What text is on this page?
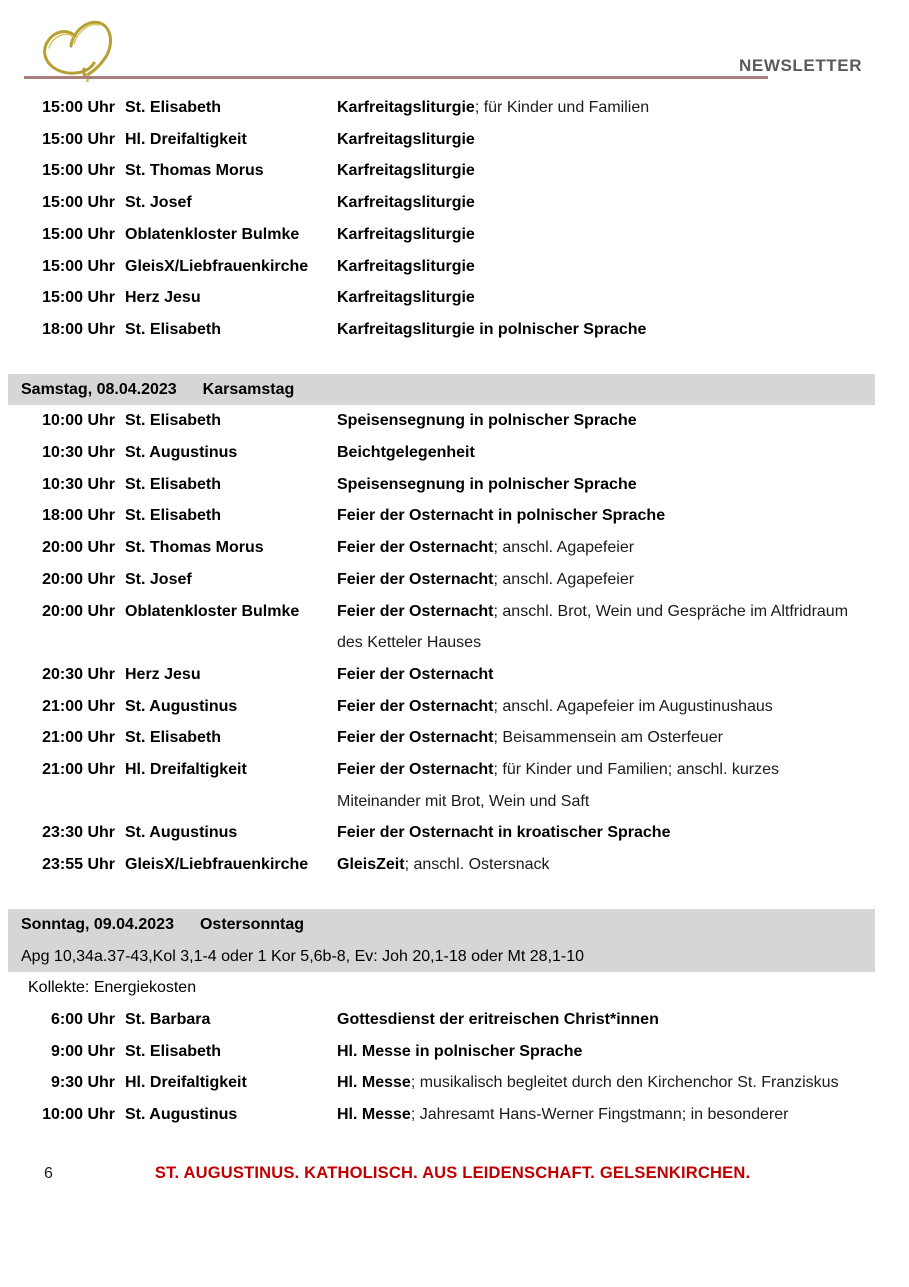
NEWSLETTER
15:00 Uhr St. Elisabeth	Karfreitagsliturgie; für Kinder und Familien
15:00 Uhr Hl. Dreifaltigkeit	Karfreitagsliturgie
15:00 Uhr St. Thomas Morus	Karfreitagsliturgie
15:00 Uhr St. Josef	Karfreitagsliturgie
15:00 Uhr Oblatenkloster Bulmke	Karfreitagsliturgie
15:00 Uhr GleisX/Liebfrauenkirche	Karfreitagsliturgie
15:00 Uhr Herz Jesu	Karfreitagsliturgie
18:00 Uhr St. Elisabeth	Karfreitagsliturgie in polnischer Sprache
Samstag, 08.04.2023 Karsamstag
10:00 Uhr St. Elisabeth	Speisensegnung in polnischer Sprache
10:30 Uhr St. Augustinus	Beichtgelegenheit
10:30 Uhr St. Elisabeth	Speisensegnung in polnischer Sprache
18:00 Uhr St. Elisabeth	Feier der Osternacht in polnischer Sprache
20:00 Uhr St. Thomas Morus	Feier der Osternacht; anschl. Agapefeier
20:00 Uhr St. Josef	Feier der Osternacht; anschl. Agapefeier
20:00 Uhr Oblatenkloster Bulmke	Feier der Osternacht; anschl. Brot, Wein und Gespräche im Altfridraum des Ketteler Hauses
20:30 Uhr Herz Jesu	Feier der Osternacht
21:00 Uhr St. Augustinus	Feier der Osternacht; anschl. Agapefeier im Augustinushaus
21:00 Uhr St. Elisabeth	Feier der Osternacht; Beisammensein am Osterfeuer
21:00 Uhr Hl. Dreifaltigkeit	Feier der Osternacht; für Kinder und Familien; anschl. kurzes Miteinander mit Brot, Wein und Saft
23:30 Uhr St. Augustinus	Feier der Osternacht in kroatischer Sprache
23:55 Uhr GleisX/Liebfrauenkirche	GleisZeit; anschl. Ostersnack
Sonntag, 09.04.2023 Ostersonntag
Apg 10,34a.37-43,Kol 3,1-4 oder 1 Kor 5,6b-8, Ev: Joh 20,1-18 oder Mt 28,1-10
Kollekte: Energiekosten
6:00 Uhr St. Barbara	Gottesdienst der eritreischen Christ*innen
9:00 Uhr St. Elisabeth	Hl. Messe in polnischer Sprache
9:30 Uhr Hl. Dreifaltigkeit	Hl. Messe; musikalisch begleitet durch den Kirchenchor St. Franziskus
10:00 Uhr St. Augustinus	Hl. Messe; Jahresamt Hans-Werner Fingstmann; in besonderer
6	ST. AUGUSTINUS. KATHOLISCH. AUS LEIDENSCHAFT. GELSENKIRCHEN.
